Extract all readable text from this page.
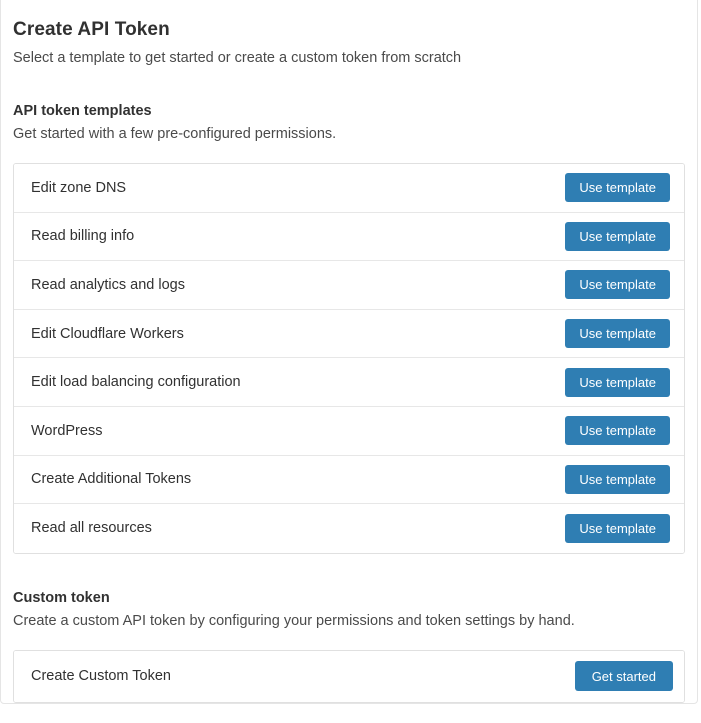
Create API Token

Select a template to get started or create a custom token from scratch

API token templates

Get started with a few pre-configured permissions.

Edit zone DNS	Use template
Read billing info	Use template
Read analytics and logs	Use template
Edit Cloudflare Workers	Use template
Edit load balancing configuration	Use template
WordPress	Use template
Create Additional Tokens	Use template
Read all resources	Use template
Custom token

Create a custom API token by configuring your permissions and token settings by hand.

Create Custom Token	Get started
